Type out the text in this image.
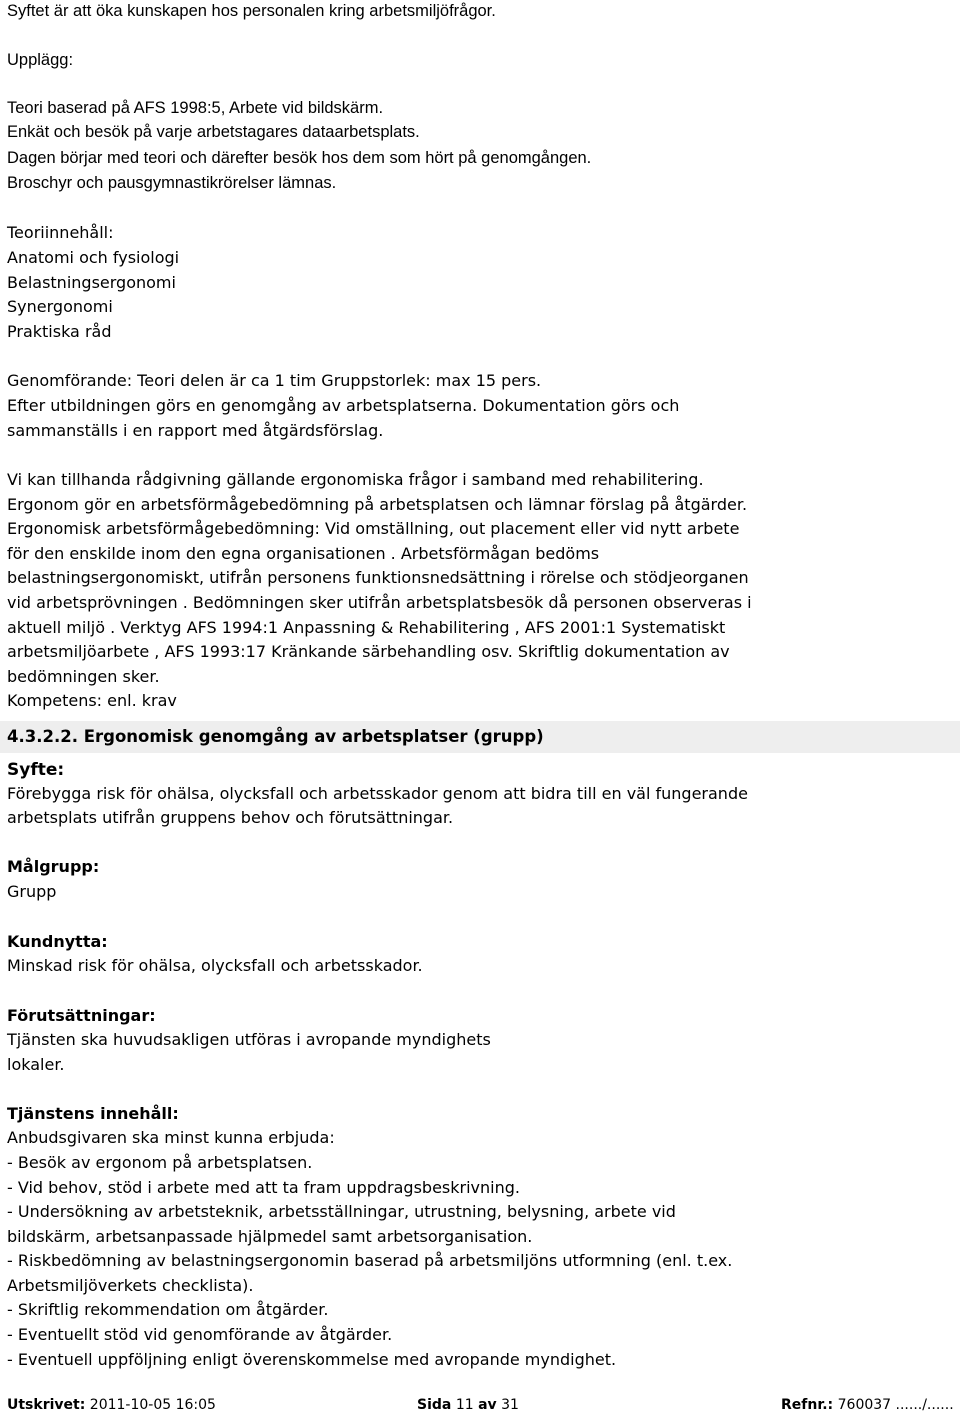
Syftet är att öka kunskapen hos personalen kring arbetsmiljöfrågor.
Upplägg:
Teori baserad på AFS 1998:5, Arbete vid bildskärm.
Enkät och besök på varje arbetstagares dataarbetsplats.
Dagen börjar med teori och därefter besök hos dem som hört på genomgången.
Broschyr och pausgymnastikrörelser lämnas.
Teoriinnehåll:
Anatomi och fysiologi
Belastningsergonomi
Synergonomi
Praktiska råd
Genomförande: Teori delen är ca 1 tim Gruppstorlek: max 15 pers.
Efter utbildningen görs en genomgång av arbetsplatserna. Dokumentation görs och
sammanställs i en rapport med åtgärdsförslag.
Vi kan tillhanda rådgivning gällande ergonomiska frågor i samband med rehabilitering.
Ergonom gör en arbetsförmågebedömning på arbetsplatsen och lämnar förslag på åtgärder.
Ergonomisk arbetsförmågebedömning: Vid omställning, out placement eller vid nytt arbete
för den enskilde inom den egna organisationen . Arbetsförmågan bedöms
belastningsergonomiskt, utifrån personens funktionsnedsättning i rörelse och stödjeorganen
vid arbetsprövningen . Bedömningen sker utifrån arbetsplatsbesök då personen observeras i
aktuell miljö . Verktyg AFS 1994:1 Anpassning & Rehabilitering , AFS 2001:1 Systematiskt
arbetsmiljöarbete , AFS 1993:17 Kränkande särbehandling osv. Skriftlig dokumentation av
bedömningen sker.
Kompetens: enl. krav
4.3.2.2. Ergonomisk genomgång av arbetsplatser (grupp)
Syfte:
Förebygga risk för ohälsa, olycksfall och arbetsskador genom att bidra till en väl fungerande
arbetsplats utifrån gruppens behov och förutsättningar.
Målgrupp:
Grupp
Kundnytta:
Minskad risk för ohälsa, olycksfall och arbetsskador.
Förutsättningar:
Tjänsten ska huvudsakligen utföras i avropande myndighets
lokaler.
Tjänstens innehåll:
Anbudsgivaren ska minst kunna erbjuda:
- Besök av ergonom på arbetsplatsen.
- Vid behov, stöd i arbete med att ta fram uppdragsbeskrivning.
- Undersökning av arbetsteknik, arbetsställningar, utrustning, belysning, arbete vid
bildskärm, arbetsanpassade hjälpmedel samt arbetsorganisation.
- Riskbedömning av belastningsergonomin baserad på arbetsmiljöns utformning (enl. t.ex.
Arbetsmiljöverkets checklista).
- Skriftlig rekommendation om åtgärder.
- Eventuellt stöd vid genomförande av åtgärder.
- Eventuell uppföljning enligt överenskommelse med avropande myndighet.
Utskrivet: 2011-10-05 16:05	Sida 11 av 31	Refnr.: 760037 ....../......
